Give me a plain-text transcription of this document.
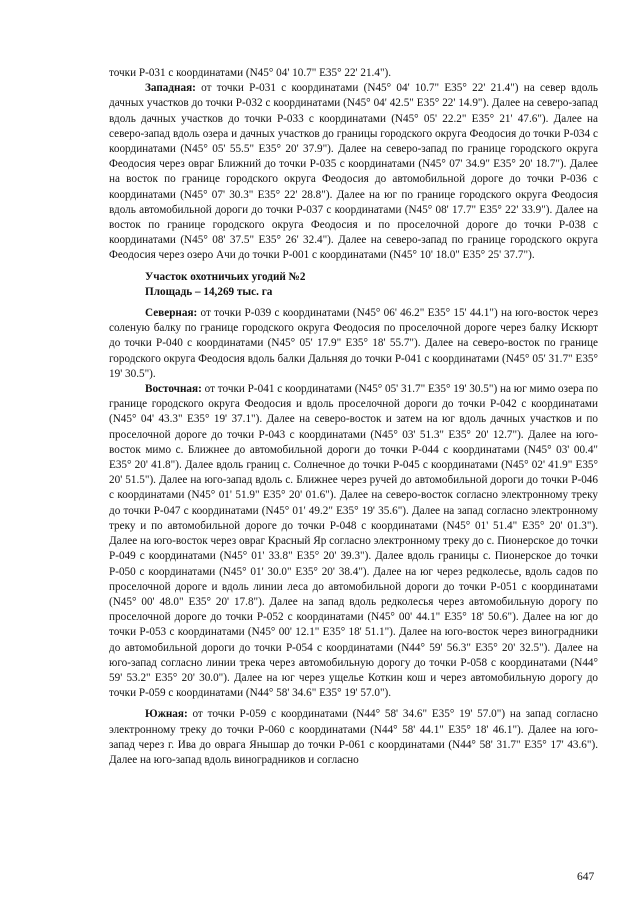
точки Р-031 с координатами (N45° 04' 10.7" E35° 22' 21.4").

Западная: от точки Р-031 с координатами (N45° 04' 10.7" E35° 22' 21.4") на север вдоль дачных участков до точки Р-032 с координатами (N45° 04' 42.5" E35° 22' 14.9"). Далее на северо-запад вдоль дачных участков до точки Р-033 с координатами (N45° 05' 22.2" E35° 21' 47.6"). Далее на северо-запад вдоль озера и дачных участков до границы городского округа Феодосия до точки Р-034 с координатами (N45° 05' 55.5" E35° 20' 37.9"). Далее на северо-запад по границе городского округа Феодосия через овраг Ближний до точки Р-035 с координатами (N45° 07' 34.9" E35° 20' 18.7"). Далее на восток по границе городского округа Феодосия до автомобильной дороге до точки Р-036 с координатами (N45° 07' 30.3" E35° 22' 28.8"). Далее на юг по границе городского округа Феодосия вдоль автомобильной дороги до точки Р-037 с координатами (N45° 08' 17.7" E35° 22' 33.9"). Далее на восток по границе городского округа Феодосия и по проселочной дороге до точки Р-038 с координатами (N45° 08' 37.5" E35° 26' 32.4"). Далее на северо-запад по границе городского округа Феодосия через озеро Ачи до точки Р-001 с координатами (N45° 10' 18.0" E35° 25' 37.7").

Участок охотничьих угодий №2

Площадь – 14,269 тыс. га

Северная: от точки Р-039 с координатами (N45° 06' 46.2" E35° 15' 44.1") на юго-восток через соленую балку по границе городского округа Феодосия по проселочной дороге через балку Искюрт до точки Р-040 с координатами (N45° 05' 17.9" E35° 18' 55.7"). Далее на северо-восток по границе городского округа Феодосия вдоль балки Дальняя до точки Р-041 с координатами (N45° 05' 31.7" E35° 19' 30.5").

Восточная: от точки Р-041 с координатами (N45° 05' 31.7" E35° 19' 30.5") на юг мимо озера по границе городского округа Феодосия и вдоль проселочной дороги до точки Р-042 с координатами (N45° 04' 43.3" E35° 19' 37.1"). Далее на северо-восток и затем на юг вдоль дачных участков и по проселочной дороге до точки Р-043 с координатами (N45° 03' 51.3" E35° 20' 12.7"). Далее на юго-восток мимо с. Ближнее до автомобильной дороги до точки Р-044 с координатами (N45° 03' 00.4" E35° 20' 41.8"). Далее вдоль границ с. Солнечное до точки Р-045 с координатами (N45° 02' 41.9" E35° 20' 51.5"). Далее на юго-запад вдоль с. Ближнее через ручей до автомобильной дороги до точки Р-046 с координатами (N45° 01' 51.9" E35° 20' 01.6"). Далее на северо-восток согласно электронному треку до точки Р-047 с координатами (N45° 01' 49.2" E35° 19' 35.6"). Далее на запад согласно электронному треку и по автомобильной дороге до точки Р-048 с координатами (N45° 01' 51.4" E35° 20' 01.3"). Далее на юго-восток через овраг Красный Яр согласно электронному треку до с. Пионерское до точки Р-049 с координатами (N45° 01' 33.8" E35° 20' 39.3"). Далее вдоль границы с. Пионерское до точки Р-050 с координатами (N45° 01' 30.0" E35° 20' 38.4"). Далее на юг через редколесье, вдоль садов по проселочной дороге и вдоль линии леса до автомобильной дороги до точки Р-051 с координатами (N45° 00' 48.0" E35° 20' 17.8"). Далее на запад вдоль редколесья через автомобильную дорогу по проселочной дороге до точки Р-052 с координатами (N45° 00' 44.1" E35° 18' 50.6"). Далее на юг до точки Р-053 с координатами (N45° 00' 12.1" E35° 18' 51.1"). Далее на юго-восток через виноградники до автомобильной дороги до точки Р-054 с координатами (N44° 59' 56.3" E35° 20' 32.5"). Далее на юго-запад согласно линии трека через автомобильную дорогу до точки Р-058 с координатами (N44° 59' 53.2" E35° 20' 30.0"). Далее на юг через ущелье Коткин кош и через автомобильную дорогу до точки Р-059 с координатами (N44° 58' 34.6" E35° 19' 57.0").

Южная: от точки Р-059 с координатами (N44° 58' 34.6" E35° 19' 57.0") на запад согласно электронному треку до точки Р-060 с координатами (N44° 58' 44.1" E35° 18' 46.1"). Далее на юго-запад через г. Ива до оврага Янышар до точки Р-061 с координатами (N44° 58' 31.7" E35° 17' 43.6"). Далее на юго-запад вдоль виноградников и согласно

647
